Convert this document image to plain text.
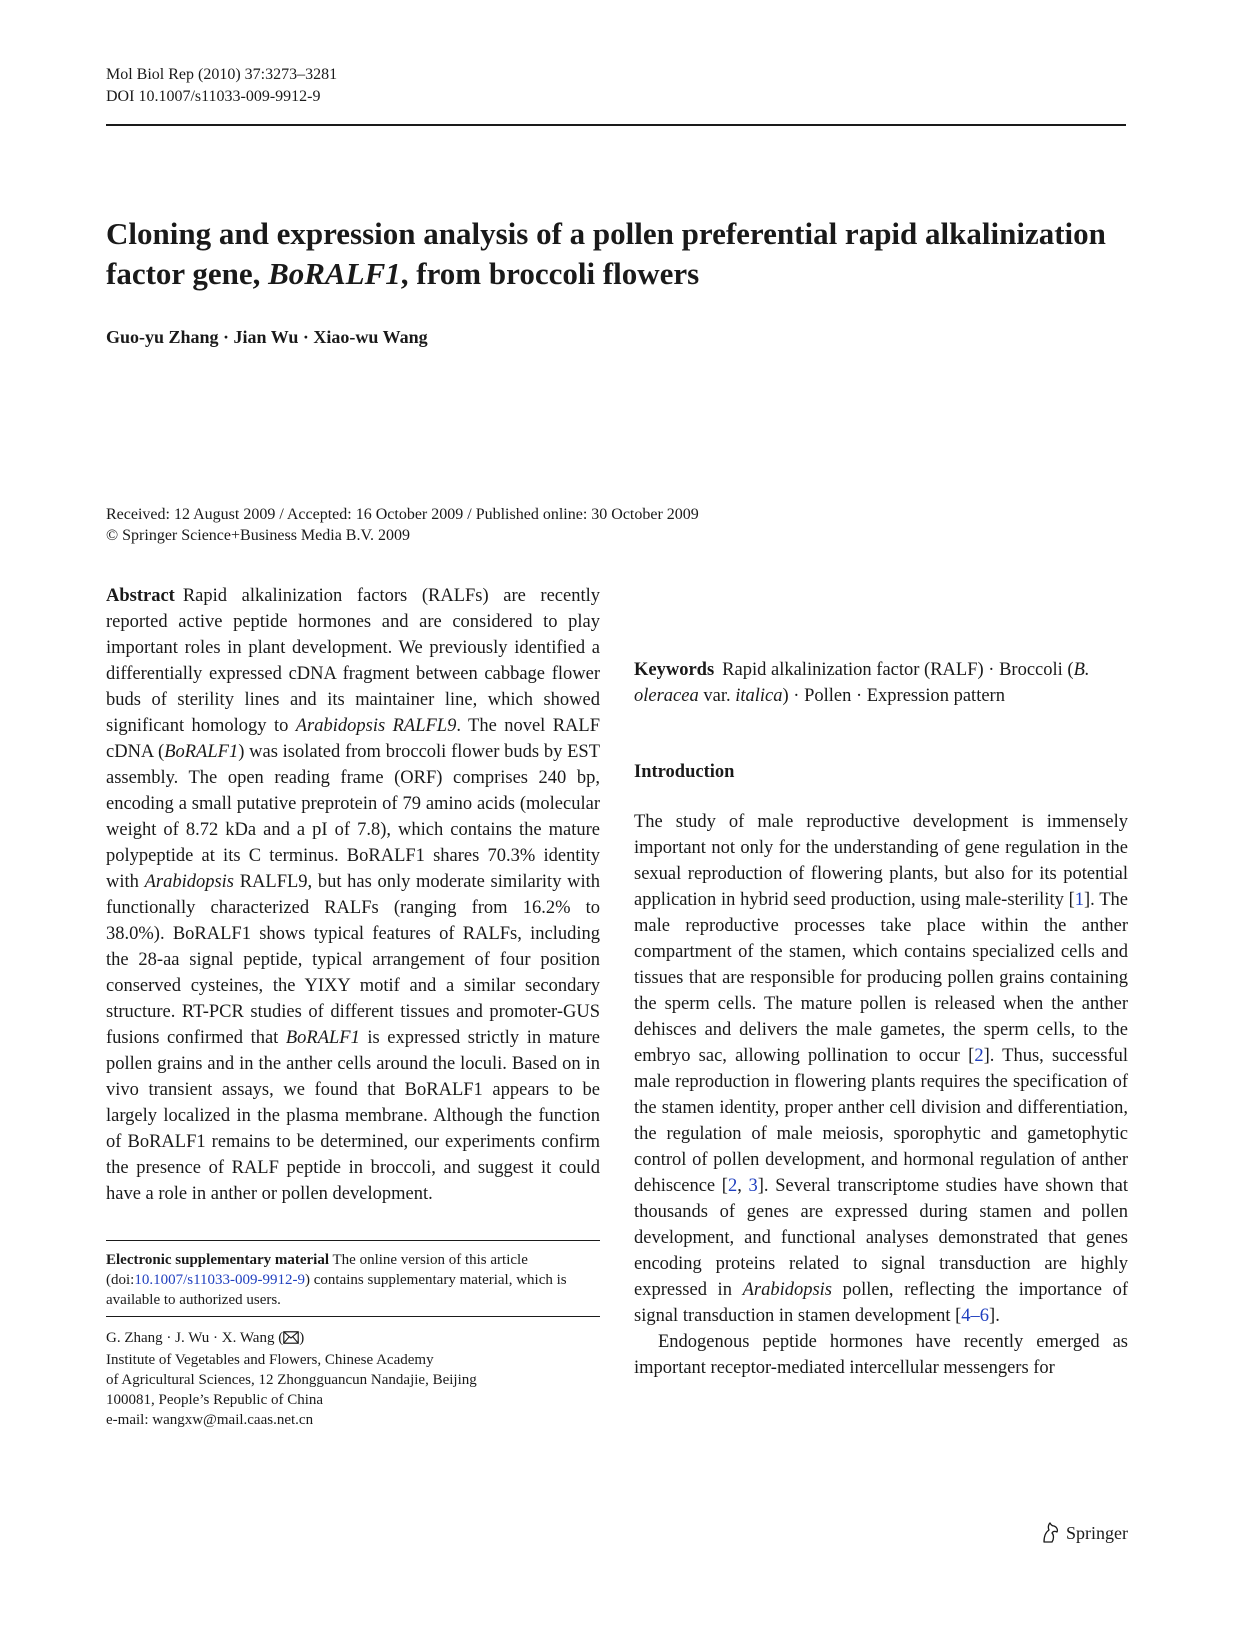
Mol Biol Rep (2010) 37:3273–3281
DOI 10.1007/s11033-009-9912-9
Cloning and expression analysis of a pollen preferential rapid alkalinization factor gene, BoRALF1, from broccoli flowers
Guo-yu Zhang · Jian Wu · Xiao-wu Wang
Received: 12 August 2009 / Accepted: 16 October 2009 / Published online: 30 October 2009
© Springer Science+Business Media B.V. 2009

Abstract Rapid alkalinization factors (RALFs) are recently reported active peptide hormones and are considered to play important roles in plant development. We previously identified a differentially expressed cDNA fragment between cabbage flower buds of sterility lines and its maintainer line, which showed significant homology to Arabidopsis RALFL9. The novel RALF cDNA (BoRALF1) was isolated from broccoli flower buds by EST assembly. The open reading frame (ORF) comprises 240 bp, encoding a small putative preprotein of 79 amino acids (molecular weight of 8.72 kDa and a pI of 7.8), which contains the mature polypeptide at its C terminus. BoRALF1 shares 70.3% identity with Arabidopsis RALFL9, but has only moderate similarity with functionally characterized RALFs (ranging from 16.2% to 38.0%). BoRALF1 shows typical features of RALFs, including the 28-aa signal peptide, typical arrangement of four position conserved cysteines, the YIXY motif and a similar secondary structure. RT-PCR studies of different tissues and promoter-GUS fusions confirmed that BoRALF1 is expressed strictly in mature pollen grains and in the anther cells around the loculi. Based on in vivo transient assays, we found that BoRALF1 appears to be largely localized in the plasma membrane. Although the function of BoRALF1 remains to be determined, our experiments confirm the presence of RALF peptide in broccoli, and suggest it could have a role in anther or pollen development.

Electronic supplementary material The online version of this article (doi:10.1007/s11033-009-9912-9) contains supplementary material, which is available to authorized users.

G. Zhang · J. Wu · X. Wang ( )

Institute of Vegetables and Flowers, Chinese Academy

of Agricultural Sciences, 12 Zhongguancun Nandajie, Beijing

100081, People’s Republic of China

e-mail: wangxw@mail.caas.net.cn

Keywords Rapid alkalinization factor (RALF) · Broccoli (B. oleracea var. italica) · Pollen · Expression pattern

Introduction

The study of male reproductive development is immensely important not only for the understanding of gene regulation in the sexual reproduction of flowering plants, but also for its potential application in hybrid seed production, using male-sterility [1]. The male reproductive processes take place within the anther compartment of the stamen, which contains specialized cells and tissues that are responsible for producing pollen grains containing the sperm cells. The mature pollen is released when the anther dehisces and delivers the male gametes, the sperm cells, to the embryo sac, allowing pollination to occur [2]. Thus, successful male reproduction in flowering plants requires the specification of the stamen identity, proper anther cell division and differentiation, the regulation of male meiosis, sporophytic and gametophytic control of pollen development, and hormonal regulation of anther dehiscence [2, 3]. Several transcriptome studies have shown that thousands of genes are expressed during stamen and pollen development, and functional analyses demonstrated that genes encoding proteins related to signal transduction are highly expressed in Arabidopsis pollen, reflecting the importance of signal transduction in stamen development [4–6].

Endogenous peptide hormones have recently emerged as important receptor-mediated intercellular messengers for

Springer
